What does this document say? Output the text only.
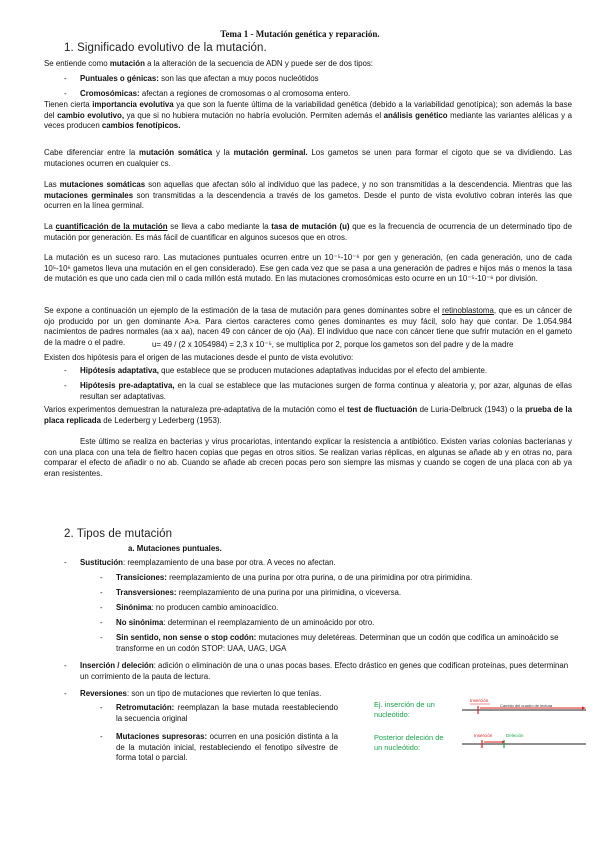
Tema 1 - Mutación genética y reparación.
1. Significado evolutivo de la mutación.
Se entiende como mutación a la alteración de la secuencia de ADN y puede ser de dos tipos:
- Puntuales o génicas: son las que afectan a muy pocos nucleótidos
- Cromosómicas: afectan a regiones de cromosomas o al cromosoma entero.
Tienen cierta importancia evolutiva ya que son la fuente última de la variabilidad genética (debido a la variabilidad genotípica); son además la base del cambio evolutivo, ya que si no hubiera mutación no habría evolución. Permiten además el análisis genético mediante las variantes alélicas y a veces producen cambios fenotípicos.
Cabe diferenciar entre la mutación somática y la mutación germinal. Los gametos se unen para formar el cigoto que se va dividiendo. Las mutaciones ocurren en cualquier cs.
Las mutaciones somáticas son aquellas que afectan sólo al individuo que las padece, y no son transmitidas a la descendencia. Mientras que las mutaciones germinales son transmitidas a la descendencia a través de los gametos. Desde el punto de vista evolutivo cobran interés las que ocurren en la línea germinal.
La cuantificación de la mutación se lleva a cabo mediante la tasa de mutación (u) que es la frecuencia de ocurrencia de un determinado tipo de mutación por generación. Es más fácil de cuantificar en algunos sucesos que en otros.
La mutación es un suceso raro. Las mutaciones puntuales ocurren entre un 10⁻⁵-10⁻⁶ por gen y generación, (en cada generación, uno de cada 10⁵-10⁶ gametos lleva una mutación en el gen considerado). Ese gen cada vez que se pasa a una generación de padres e hijos más o menos la tasa de mutación es que uno cada cien mil o cada millón está mutado. En las mutaciones cromosómicas esto ocurre en un 10⁻⁵-10⁻⁶ por división.
Se expone a continuación un ejemplo de la estimación de la tasa de mutación para genes dominantes sobre el retinoblastoma, que es un cáncer de ojo producido por un gen dominante A>a. Para ciertos caracteres como genes dominantes es muy fácil, solo hay que contar. De 1.054.984 nacimientos de padres normales (aa x aa), nacen 49 con cáncer de ojo (Aa). El individuo que nace con cáncer tiene que sufrir mutación en el gameto de la madre o el padre.	u= 49 / (2 x 1054984) = 2,3 x 10⁻⁵, se multiplica por 2, porque los gametos son del padre y de la madre
Existen dos hipótesis para el origen de las mutaciones desde el punto de vista evolutivo:
- Hipótesis adaptativa, que establece que se producen mutaciones adaptativas inducidas por el efecto del ambiente.
- Hipótesis pre-adaptativa, en la cual se establece que las mutaciones surgen de forma continua y aleatoria y, por azar, algunas de ellas resultan ser adaptativas.
Varios experimentos demuestran la naturaleza pre-adaptativa de la mutación como el test de fluctuación de Luria-Delbruck (1943) o la prueba de la placa replicada de Lederberg y Lederberg (1953).
Este último se realiza en bacterias y virus procariotas, intentando explicar la resistencia a antibiótico. Existen varias colonias bacterianas y con una placa con una tela de fieltro hacen copias que pegas en otros sitios. Se realizan varias réplicas, en algunas se añade ab y en otras no, para comparar el efecto de añadir o no ab. Cuando se añade ab crecen pocas pero son siempre las mismas y cuando se cogen de una placa con ab ya eran resistentes.
2. Tipos de mutación
a. Mutaciones puntuales.
- Sustitución: reemplazamiento de una base por otra. A veces no afectan.
- Transiciones: reemplazamiento de una purina por otra purina, o de una pirimidina por otra pirimidina.
- Transversiones: reemplazamiento de una purina por una pirimidina, o viceversa.
- Sinónima: no producen cambio aminoacídico.
- No sinónima: determinan el reemplazamiento de un aminoácido por otro.
- Sin sentido, non sense o stop codón: mutaciones muy deletéreas. Determinan que un codón que codifica un aminoácido se transforme en un codón STOP: UAA, UAG, UGA
- Inserción / deleción: adición o eliminación de una o unas pocas bases. Efecto drástico en genes que codifican proteínas, pues determinan un corrimiento de la pauta de lectura.
- Reversiones: son un tipo de mutaciones que revierten lo que tenías.
- Retromutación: reemplazan la base mutada reestableciendo la secuencia original
- Mutaciones supresoras: ocurren en una posición distinta a la de la mutación inicial, restableciendo el fenotipo silvestre de forma total o parcial.
Ej. inserción de un nucleótido:
Posterior deleción de un nucleótido:
Inserción
Cambio del cuadro de lectura
Inserción	Deleción
